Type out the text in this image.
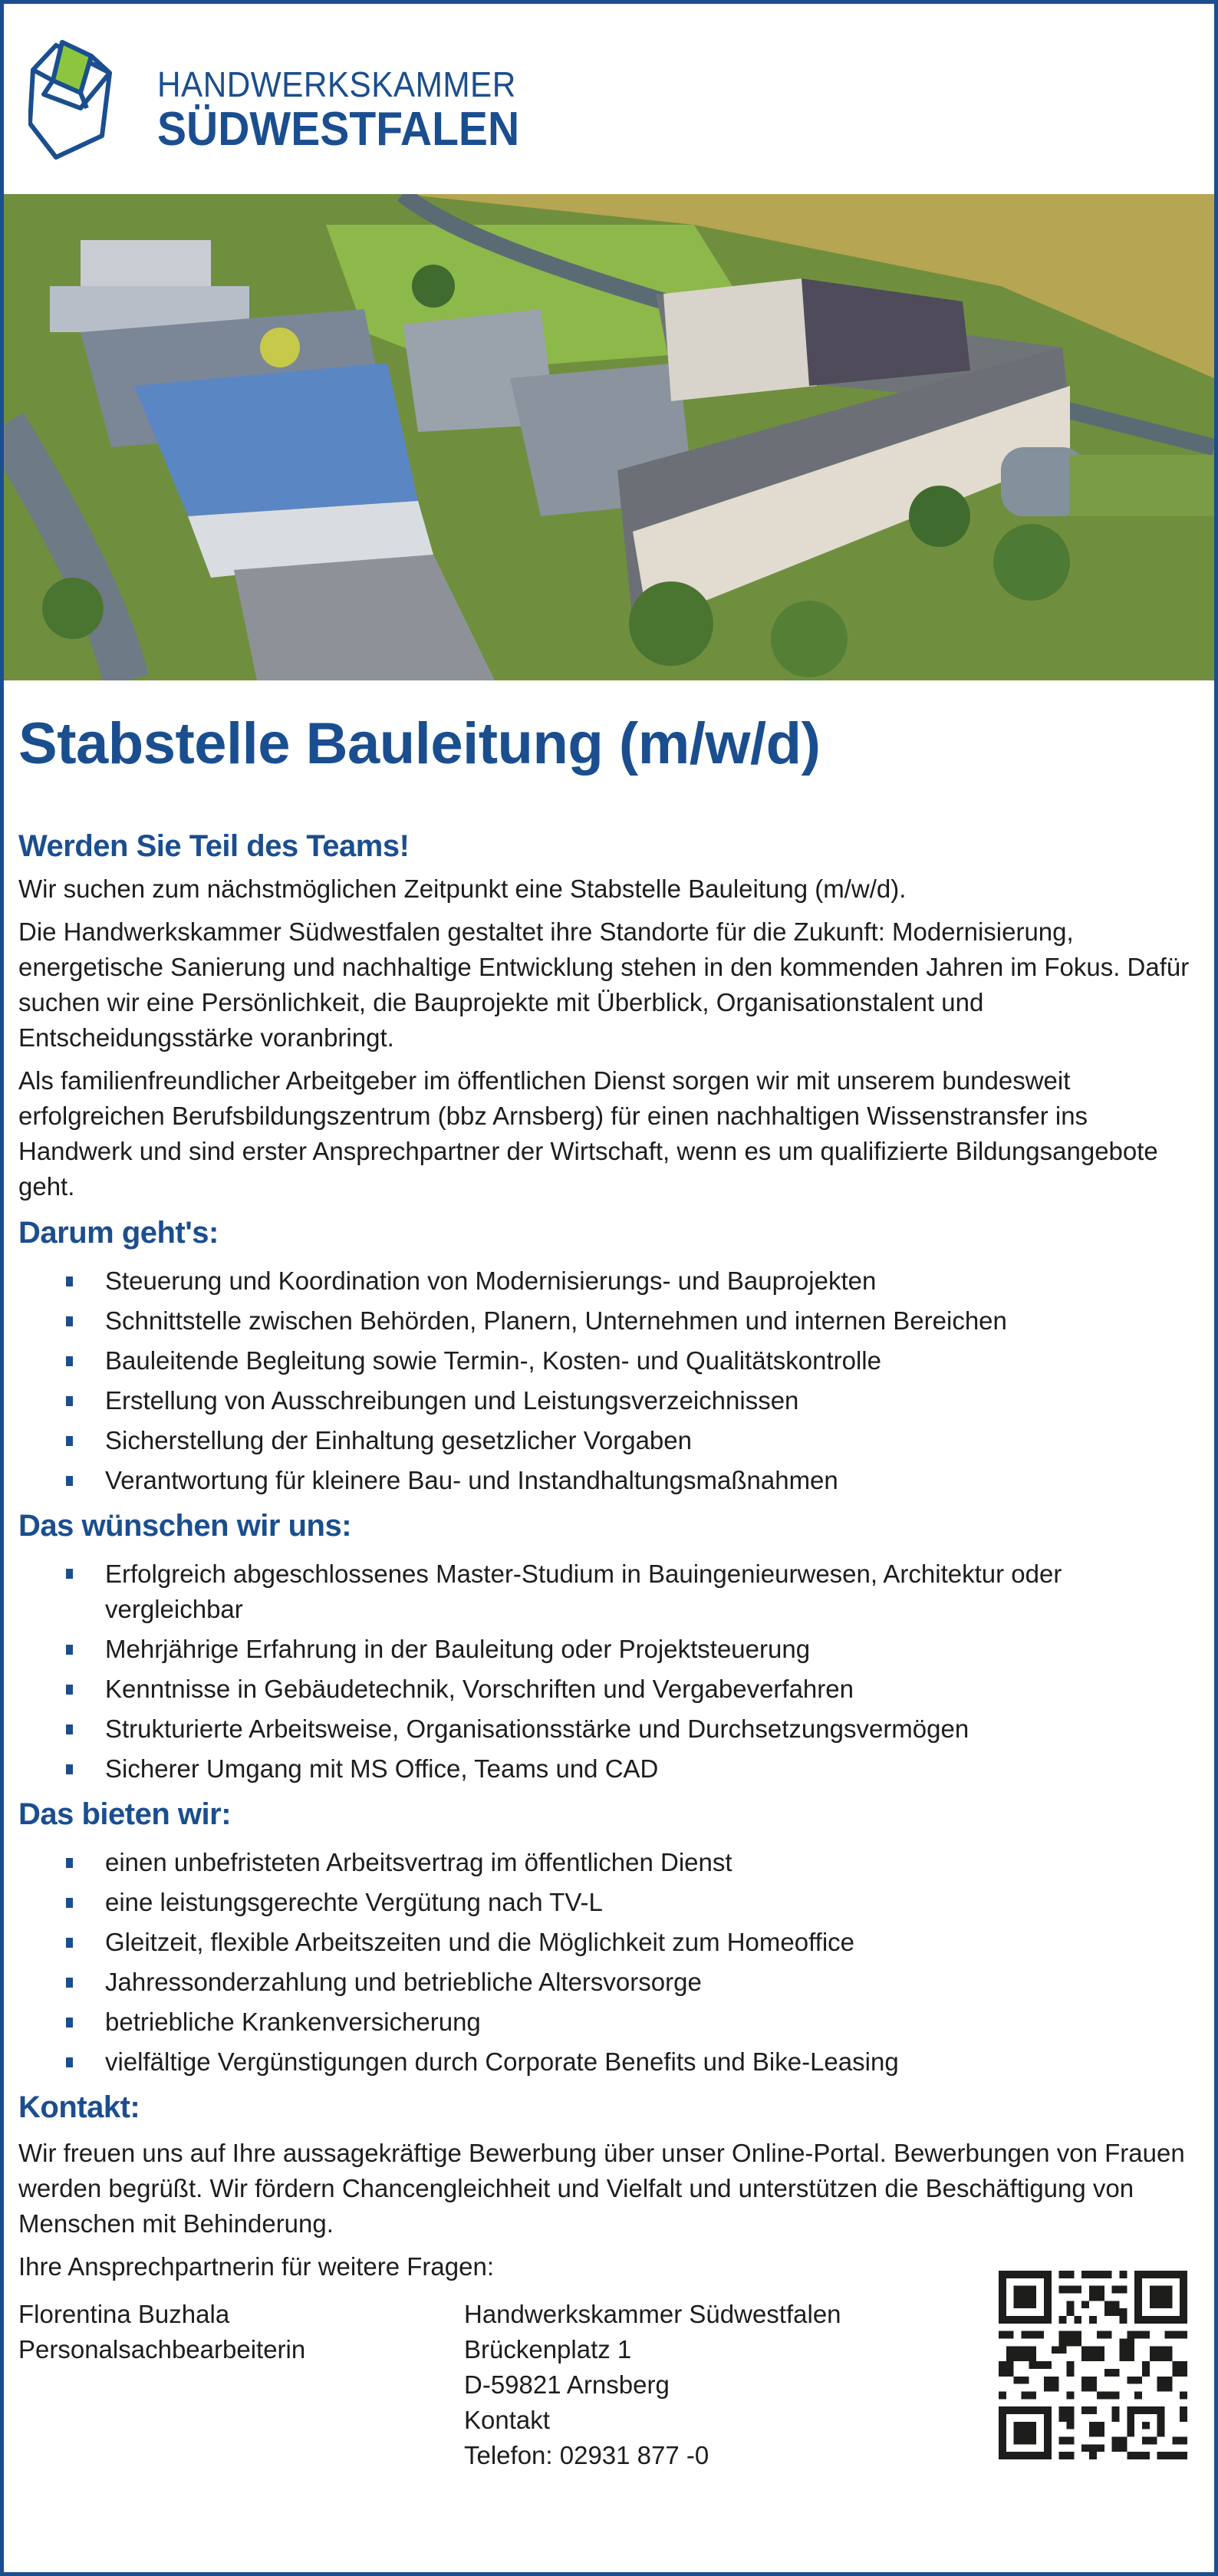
HANDWERKSKAMMER
SÜDWESTFALEN
Stabstelle Bauleitung (m/w/d)
Werden Sie Teil des Teams!

Wir suchen zum nächstmöglichen Zeitpunkt eine Stabstelle Bauleitung (m/w/d).

Die Handwerkskammer Südwestfalen gestaltet ihre Standorte für die Zukunft: Modernisierung, energetische Sanierung und nachhaltige Entwicklung stehen in den kommenden Jahren im Fokus. Dafür suchen wir eine Persönlichkeit, die Bauprojekte mit Überblick, Organisationstalent und Entscheidungsstärke voranbringt.

Als familienfreundlicher Arbeitgeber im öffentlichen Dienst sorgen wir mit unserem bundesweit erfolgreichen Berufsbildungszentrum (bbz Arnsberg) für einen nachhaltigen Wissenstransfer ins Handwerk und sind erster Ansprechpartner der Wirtschaft, wenn es um qualifizierte Bildungsangebote geht.

Darum geht's:
Steuerung und Koordination von Modernisierungs- und Bauprojekten
Schnittstelle zwischen Behörden, Planern, Unternehmen und internen Bereichen
Bauleitende Begleitung sowie Termin-, Kosten- und Qualitätskontrolle
Erstellung von Ausschreibungen und Leistungsverzeichnissen
Sicherstellung der Einhaltung gesetzlicher Vorgaben
Verantwortung für kleinere Bau- und Instandhaltungsmaßnahmen
Das wünschen wir uns:
Erfolgreich abgeschlossenes Master-Studium in Bauingenieurwesen, Architektur oder vergleichbar
Mehrjährige Erfahrung in der Bauleitung oder Projektsteuerung
Kenntnisse in Gebäudetechnik, Vorschriften und Vergabeverfahren
Strukturierte Arbeitsweise, Organisationsstärke und Durchsetzungsvermögen
Sicherer Umgang mit MS Office, Teams und CAD
Das bieten wir:
einen unbefristeten Arbeitsvertrag im öffentlichen Dienst
eine leistungsgerechte Vergütung nach TV-L
Gleitzeit, flexible Arbeitszeiten und die Möglichkeit zum Homeoffice
Jahressonderzahlung und betriebliche Altersvorsorge
betriebliche Krankenversicherung
vielfältige Vergünstigungen durch Corporate Benefits und Bike-Leasing
Kontakt:

Wir freuen uns auf Ihre aussagekräftige Bewerbung über unser Online-Portal. Bewerbungen von Frauen werden begrüßt. Wir fördern Chancengleichheit und Vielfalt und unterstützen die Beschäftigung von Menschen mit Behinderung.

Ihre Ansprechpartnerin für weitere Fragen:

Florentina Buzhala
Personalsachbearbeiterin
Handwerkskammer Südwestfalen
Brückenplatz 1
D-59821 Arnsberg
Kontakt
Telefon: 02931 877 -0
